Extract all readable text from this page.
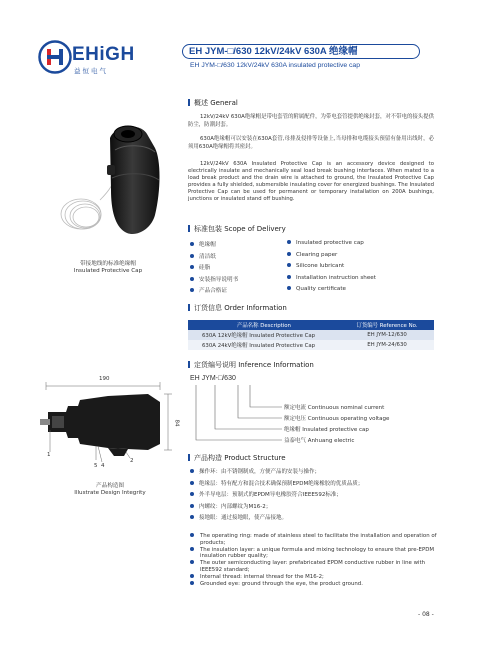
EHiGH
益恒电气
EH JYM-□/630 12kV/24kV 630A 绝缘帽
EH JYM-□/630 12kV/24kV 630A insulated protective cap
带接地线的标准绝缘帽
Insulated Protective Cap
概述 General
12kV/24kV 630A绝缘帽是带电套管的附属配件，为带电套管提供绝缘封套，对不带电的接头提供防尘，防潮封套。
630A绝缘帽可以安装在630A套管,母排及侵排等设备上,当母排和电缆接头预留有备用出线时，必须用630A绝缘帽将其密封。
12kV/24kV 630A Insulated Protective Cap is an accessory device designed to electrically insulate and mechanically seal load break bushing interfaces. When mated to a load break product and the drain wire is attached to ground, the Insulated Protective Cap provides a fully shielded, submersible insulating cover for energized bushings. The Insulated Protective Cap can be used for permanent or temporary installation on 200A bushings, junctions or insulated stand off bushing.
标准包装 Scope of Delivery
绝缘帽
清洁纸
硅脂
安装指导说明书
产品合格证
Insulated protective cap
Clearing paper
Silicone lubricant
Installation instruction sheet
Quality certificate
订货信息 Order Information
产品名称 Description	订货编号 Reference No.
630A 12kV绝缘帽 Insulated Protective Cap	EH JYM-12/630
630A 24kV绝缘帽 Insulated Protective Cap	EH JYM-24/630
定货编号说明 Inference Information
EH JYM-□/630
额定电流 Continuous nominal current
额定电压 Continuous operating voltage
绝缘帽 Insulated protective cap
益泰电气 Anhuang electric
190
84
1
2
5 4
产品构造图
Illustrate Design Integrity
产品构造 Product Structure
操作环：由不锈钢制成，方便产品的安装与操作；
绝缘层：特有配方和混合技术确保预制EPDM绝缘橡胶的优质品质；
外半导电层：预制式的EPDM导电橡胶符合IEEE592标准；
内螺纹：内部螺纹为M16-2；
接地眼：通过接地眼，使产品接地。
The operating ring: made of stainless steel to facilitate the installation and operation of products;
The insulation layer: a unique formula and mixing technology to ensure that pre-EPDM insulation rubber quality;
The outer semiconducting layer: prefabricated EPDM conductive rubber in line with IEEE592 standard;
Internal thread: internal thread for the M16-2;
Grounded eye: ground through the eye, the product ground.
- 08 -
